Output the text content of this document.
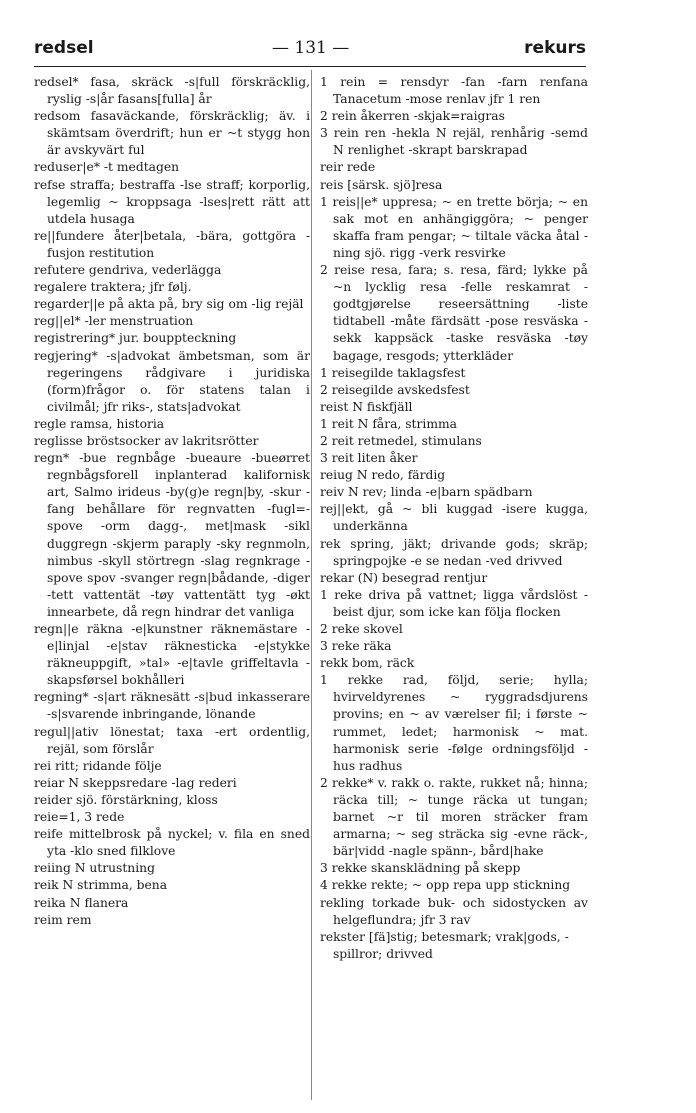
redsel	— 131 —	rekurs

redsel* fasa, skräck -s|full förskräcklig, ryslig -s|år fasans[fulla] år

redsom fasaväckande, förskräcklig; äv. i skämtsam överdrift; hun er ~t stygg hon är avskyvärt ful

reduser|e* -t medtagen

refse straffa; bestraffa -lse straff; korporlig, legemlig ~ kroppsaga -lses|rett rätt att utdela husaga

re||fundere åter|betala, -bära, gottgöra -fusjon restitution

refutere gendriva, vederlägga

regalere traktera; jfr følj.

regarder||e på akta på, bry sig om -lig rejäl

reg||el* -ler menstruation

registrering* jur. bouppteckning

regjering* -s|advokat ämbetsman, som är regeringens rådgivare i juridiska (form)frågor o. för statens talan i civilmål; jfr riks-, stats|advokat

regle ramsa, historia

reglisse bröstsocker av lakritsrötter

regn* -bue regnbåge -bueaure -bueørret regnbågsforell inplanterad kalifornisk art, Salmo irideus -by(g)e regn|by, -skur -fang behållare för regnvatten -fugl=-spove -orm dagg-, met|mask -sikl duggregn -skjerm paraply -sky regnmoln, nimbus -skyll störtregn -slag regnkrage -spove spov -svanger regn|bådande, -diger -tett vattentät -tøy vattentätt tyg -økt innearbete, då regn hindrar det vanliga

regn||e räkna -e|kunstner räknemästare -e|linjal -e|stav räknesticka -e|stykke räkneuppgift, »tal» -e|tavle griffeltavla -skapsførsel bokhålleri

regning* -s|art räknesätt -s|bud inkasserare -s|svarende inbringande, lönande

regul||ativ lönestat; taxa -ert ordentlig, rejäl, som förslår

rei ritt; ridande följe

reiar N skeppsredare -lag rederi

reider sjö. förstärkning, kloss

reie=1, 3 rede

reife mittelbrosk på nyckel; v. fila en sned yta -klo sned filklove

reiing N utrustning

reik N strimma, bena

reika N flanera

reim rem

1 rein = rensdyr -fan -farn renfana Tanacetum -mose renlav jfr 1 ren

2 rein åkerren -skjak=raigras

3 rein ren -hekla N rejäl, renhårig -semd N renlighet -skrapt barskrapad

reir rede

reis [särsk. sjö]resa

1 reis||e* uppresa; ~ en trette börja; ~ en sak mot en anhängiggöra; ~ penger skaffa fram pengar; ~ tiltale väcka åtal -ning sjö. rigg -verk resvirke

2 reise resa, fara; s. resa, färd; lykke på ~n lycklig resa -felle reskamrat -godtgjørelse reseersättning -liste tidtabell -måte färdsätt -pose resväska -sekk kappsäck -taske resväska -tøy bagage, resgods; ytterkläder

1 reisegilde taklagsfest

2 reisegilde avskedsfest

reist N fiskfjäll

1 reit N fåra, strimma

2 reit retmedel, stimulans

3 reit liten åker

reiug N redo, färdig

reiv N rev; linda -e|barn spädbarn

rej||ekt, gå ~ bli kuggad -isere kugga, underkänna

rek spring, jäkt; drivande gods; skräp; springpojke -e se nedan -ved drivved

rekar (N) besegrad rentjur

1 reke driva på vattnet; ligga vårdslöst -beist djur, som icke kan följa flocken

2 reke skovel

3 reke räka

rekk bom, räck

1 rekke rad, följd, serie; hylla; hvirveldyrenes ~ ryggradsdjurens provins; en ~ av værelser fil; i første ~ rummet, ledet; harmonisk ~ mat. harmonisk serie -følge ordningsföljd -hus radhus

2 rekke* v. rakk o. rakte, rukket nå; hinna; räcka till; ~ tunge räcka ut tungan; barnet ~r til moren sträcker fram armarna; ~ seg sträcka sig -evne räck-, bär|vidd -nagle spänn-, bård|hake

3 rekke skansklädning på skepp

4 rekke rekte; ~ opp repa upp stickning

rekling torkade buk- och sidostycken av helgeflundra; jfr 3 rav

rekster [fä]stig; betesmark; vrak|gods, -spillror; drivved
